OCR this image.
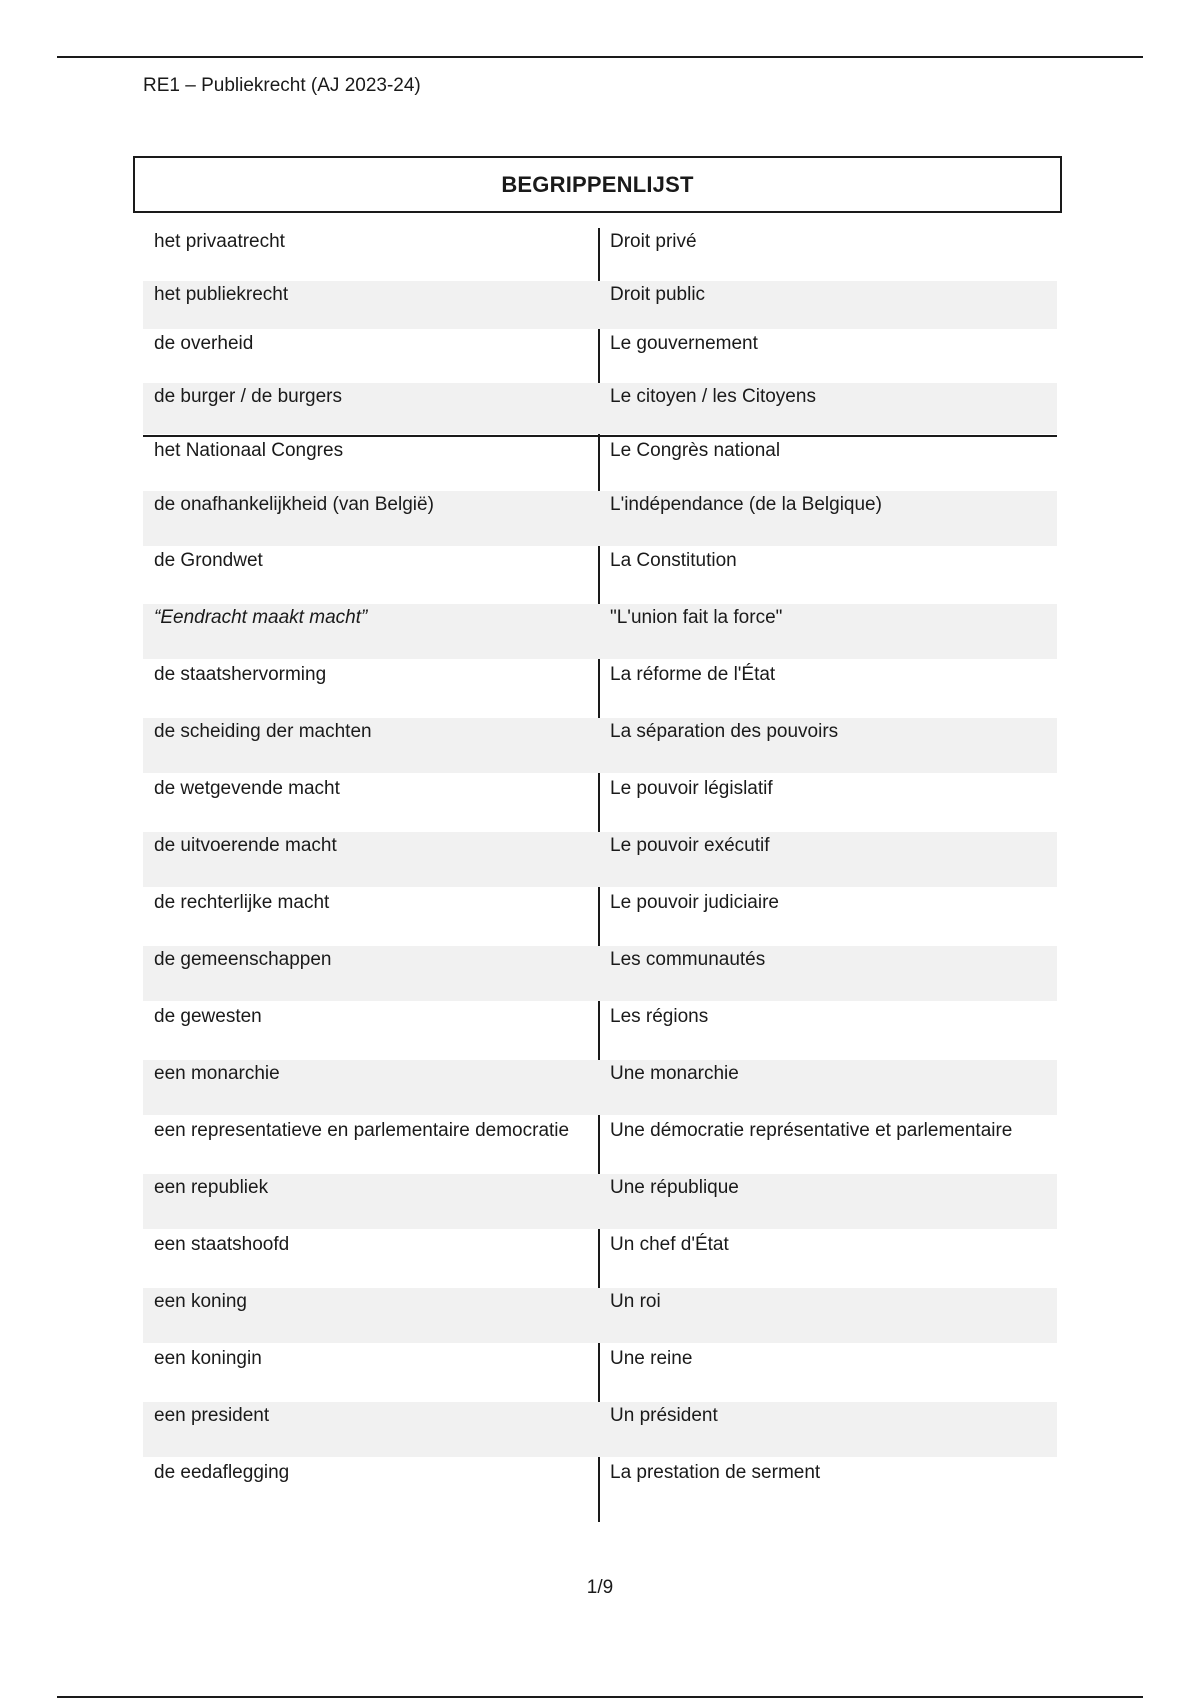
RE1 – Publiekrecht (AJ 2023-24)
BEGRIPPENLIJST
het privaatrecht	Droit privé
het publiekrecht	Droit public
de overheid	Le gouvernement
de burger / de burgers	Le citoyen / les Citoyens
het Nationaal Congres	Le Congrès national
de onafhankelijkheid (van België)	L'indépendance (de la Belgique)
de Grondwet	La Constitution
“Eendracht maakt macht”	"L'union fait la force"
de staatshervorming	La réforme de l'État
de scheiding der machten	La séparation des pouvoirs
de wetgevende macht	Le pouvoir législatif
de uitvoerende macht	Le pouvoir exécutif
de rechterlijke macht	Le pouvoir judiciaire
de gemeenschappen	Les communautés
de gewesten	Les régions
een monarchie	Une monarchie
een representatieve en parlementaire democratie	Une démocratie représentative et parlementaire
een republiek	Une république
een staatshoofd	Un chef d'État
een koning	Un roi
een koningin	Une reine
een president	Un président
de eedaflegging	La prestation de serment
1/9
